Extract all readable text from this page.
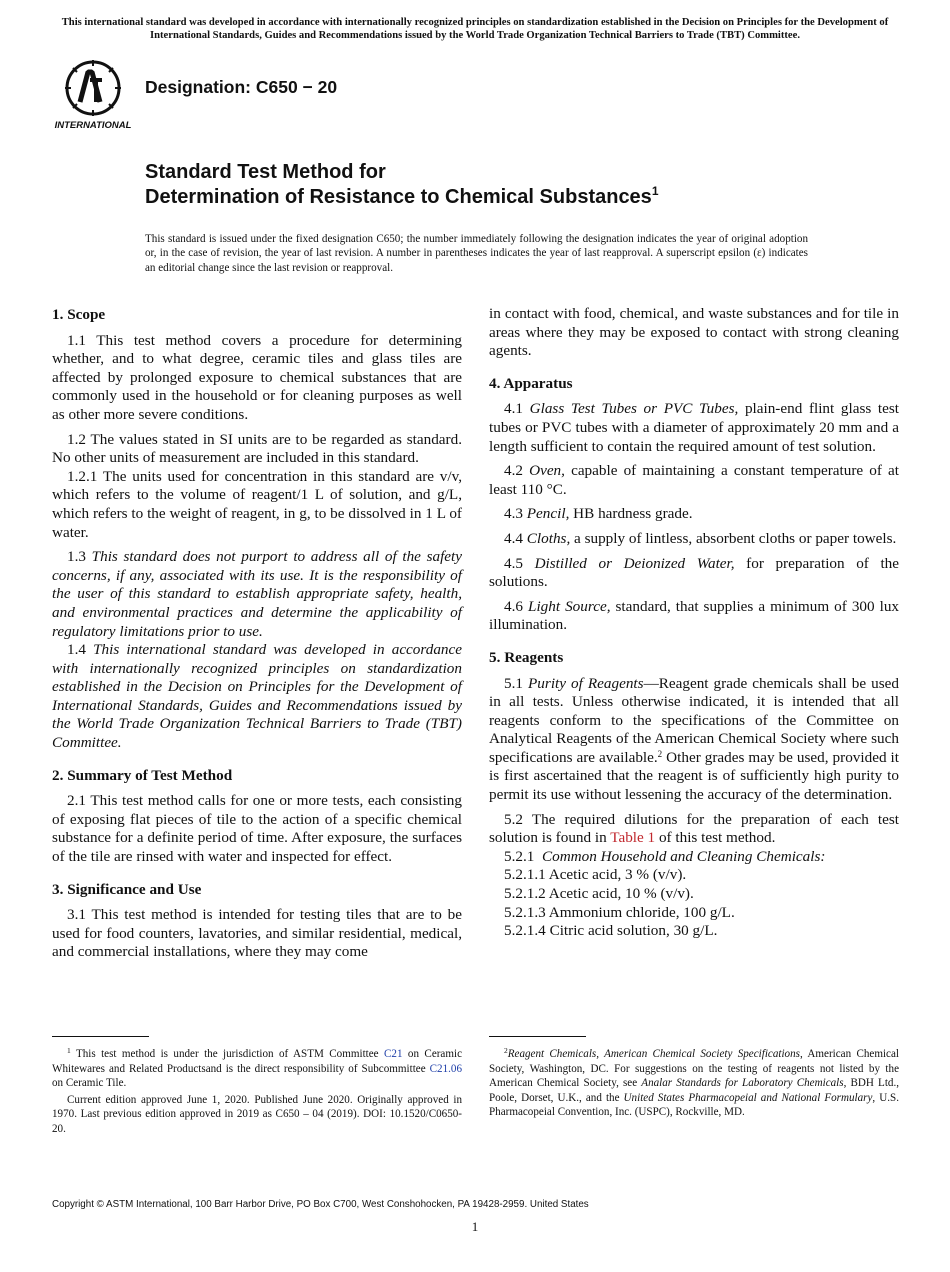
This international standard was developed in accordance with internationally recognized principles on standardization established in the Decision on Principles for the Development of International Standards, Guides and Recommendations issued by the World Trade Organization Technical Barriers to Trade (TBT) Committee.
INTERNATIONAL
Designation: C650 − 20
Standard Test Method for
Determination of Resistance to Chemical Substances$^1$
This standard is issued under the fixed designation C650; the number immediately following the designation indicates the year of original adoption or, in the case of revision, the year of last revision. A number in parentheses indicates the year of last reapproval. A superscript epsilon (ε) indicates an editorial change since the last revision or reapproval.
1. Scope

1.1 This test method covers a procedure for determining whether, and to what degree, ceramic tiles and glass tiles are affected by prolonged exposure to chemical substances that are commonly used in the household or for cleaning purposes as well as other more severe conditions.

1.2 The values stated in SI units are to be regarded as standard. No other units of measurement are included in this standard.

1.2.1 The units used for concentration in this standard are v/v, which refers to the volume of reagent/1 L of solution, and g/L, which refers to the weight of reagent, in g, to be dissolved in 1 L of water.

1.3 This standard does not purport to address all of the safety concerns, if any, associated with its use. It is the responsibility of the user of this standard to establish appropriate safety, health, and environmental practices and determine the applicability of regulatory limitations prior to use.

1.4 This international standard was developed in accordance with internationally recognized principles on standardization established in the Decision on Principles for the Development of International Standards, Guides and Recommendations issued by the World Trade Organization Technical Barriers to Trade (TBT) Committee.

2. Summary of Test Method

2.1 This test method calls for one or more tests, each consisting of exposing flat pieces of tile to the action of a specific chemical substance for a definite period of time. After exposure, the surfaces of the tile are rinsed with water and inspected for effect.

3. Significance and Use

3.1 This test method is intended for testing tiles that are to be used for food counters, lavatories, and similar residential, medical, and commercial installations, where they may come

in contact with food, chemical, and waste substances and for tile in areas where they may be exposed to contact with strong cleaning agents.

4. Apparatus

4.1 Glass Test Tubes or PVC Tubes, plain-end flint glass test tubes or PVC tubes with a diameter of approximately 20 mm and a length sufficient to contain the required amount of test solution.

4.2 Oven, capable of maintaining a constant temperature of at least 110 °C.

4.3 Pencil, HB hardness grade.

4.4 Cloths, a supply of lintless, absorbent cloths or paper towels.

4.5 Distilled or Deionized Water, for preparation of the solutions.

4.6 Light Source, standard, that supplies a minimum of 300 lux illumination.

5. Reagents

5.1 Purity of Reagents—Reagent grade chemicals shall be used in all tests. Unless otherwise indicated, it is intended that all reagents conform to the specifications of the Committee on Analytical Reagents of the American Chemical Society where such specifications are available.$^2$ Other grades may be used, provided it is first ascertained that the reagent is of sufficiently high purity to permit its use without lessening the accuracy of the determination.

5.2 The required dilutions for the preparation of each test solution is found in Table 1 of this test method.

5.2.1 Common Household and Cleaning Chemicals:

5.2.1.1 Acetic acid, 3 % (v/v).

5.2.1.2 Acetic acid, 10 % (v/v).

5.2.1.3 Ammonium chloride, 100 g/L.

5.2.1.4 Citric acid solution, 30 g/L.

$^1$ This test method is under the jurisdiction of ASTM Committee C21 on Ceramic Whitewares and Related Productsand is the direct responsibility of Subcommittee C21.06 on Ceramic Tile.

Current edition approved June 1, 2020. Published June 2020. Originally approved in 1970. Last previous edition approved in 2019 as C650 – 04 (2019). DOI: 10.1520/C0650-20.

$^2$Reagent Chemicals, American Chemical Society Specifications, American Chemical Society, Washington, DC. For suggestions on the testing of reagents not listed by the American Chemical Society, see Analar Standards for Laboratory Chemicals, BDH Ltd., Poole, Dorset, U.K., and the United States Pharmacopeial and National Formulary, U.S. Pharmacopeial Convention, Inc. (USPC), Rockville, MD.

Copyright © ASTM International, 100 Barr Harbor Drive, PO Box C700, West Conshohocken, PA 19428-2959. United States
1
